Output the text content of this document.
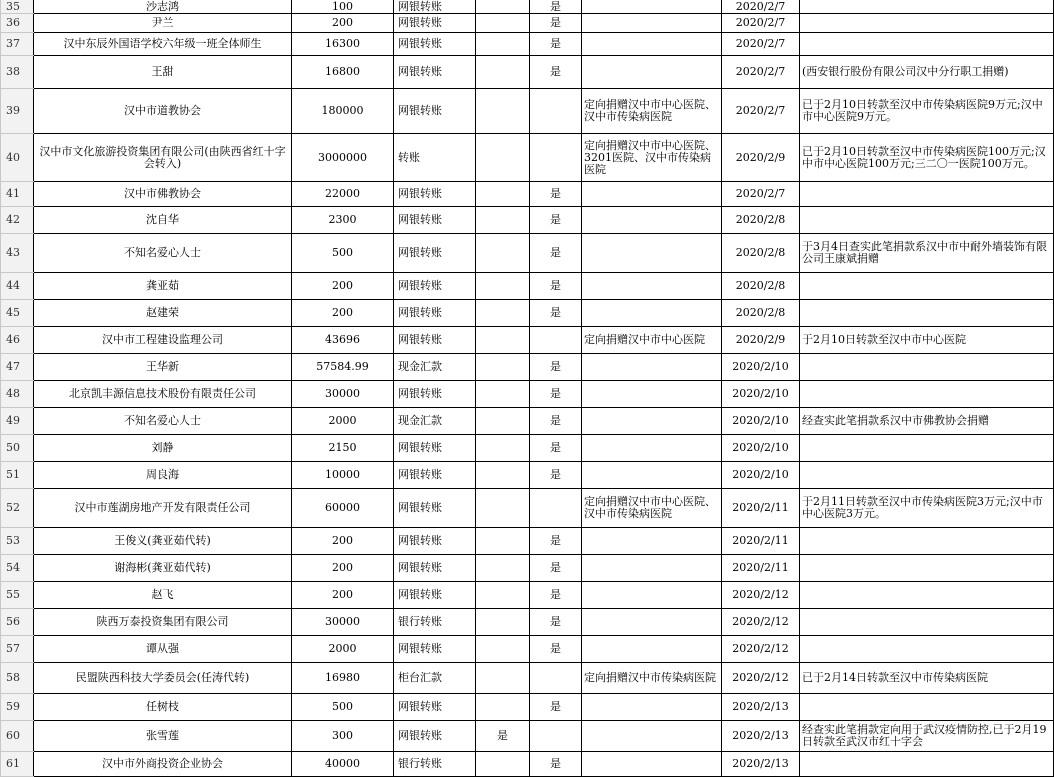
35	沙志鸿	100	网银转账		是		2020/2/7	
36	尹兰	200	网银转账		是		2020/2/7	
37	汉中东辰外国语学校六年级一班全体师生	16300	网银转账		是		2020/2/7	
38	王甜	16800	网银转账		是		2020/2/7	(西安银行股份有限公司汉中分行职工捐赠)
39	汉中市道教协会	180000	网银转账			定向捐赠汉中市中心医院、汉中市传染病医院	2020/2/7	已于2月10日转款至汉中市传染病医院9万元;汉中市中心医院9万元。
40	汉中市文化旅游投资集团有限公司(由陕西省红十字会转入)	3000000	转账			定向捐赠汉中市中心医院、3201医院、汉中市传染病医院	2020/2/9	已于2月10日转款至汉中市传染病医院100万元;汉中市中心医院100万元;三二〇一医院100万元。
41	汉中市佛教协会	22000	网银转账		是		2020/2/7	
42	沈自华	2300	网银转账		是		2020/2/8	
43	不知名爱心人士	500	网银转账		是		2020/2/8	于3月4日查实此笔捐款系汉中市中耐外墙装饰有限公司王康斌捐赠
44	龚亚茹	200	网银转账		是		2020/2/8	
45	赵建荣	200	网银转账		是		2020/2/8	
46	汉中市工程建设监理公司	43696	网银转账			定向捐赠汉中市中心医院	2020/2/9	于2月10日转款至汉中市中心医院
47	王华新	57584.99	现金汇款		是		2020/2/10	
48	北京凯丰源信息技术股份有限责任公司	30000	网银转账		是		2020/2/10	
49	不知名爱心人士	2000	现金汇款		是		2020/2/10	经查实此笔捐款系汉中市佛教协会捐赠
50	刘静	2150	网银转账		是		2020/2/10	
51	周良海	10000	网银转账		是		2020/2/10	
52	汉中市莲湖房地产开发有限责任公司	60000	网银转账			定向捐赠汉中市中心医院、汉中市传染病医院	2020/2/11	于2月11日转款至汉中市传染病医院3万元;汉中市中心医院3万元。
53	王俊义(龚亚茹代转)	200	网银转账		是		2020/2/11	
54	谢海彬(龚亚茹代转)	200	网银转账		是		2020/2/11	
55	赵飞	200	网银转账		是		2020/2/12	
56	陕西万泰投资集团有限公司	30000	银行转账		是		2020/2/12	
57	谭从强	2000	网银转账		是		2020/2/12	
58	民盟陕西科技大学委员会(任涛代转)	16980	柜台汇款			定向捐赠汉中市传染病医院	2020/2/12	已于2月14日转款至汉中市传染病医院
59	任树枝	500	网银转账		是		2020/2/13	
60	张雪莲	300	网银转账	是			2020/2/13	经查实此笔捐款定向用于武汉疫情防控,已于2月19日转款至武汉市红十字会
61	汉中市外商投资企业协会	40000	银行转账		是		2020/2/13	
